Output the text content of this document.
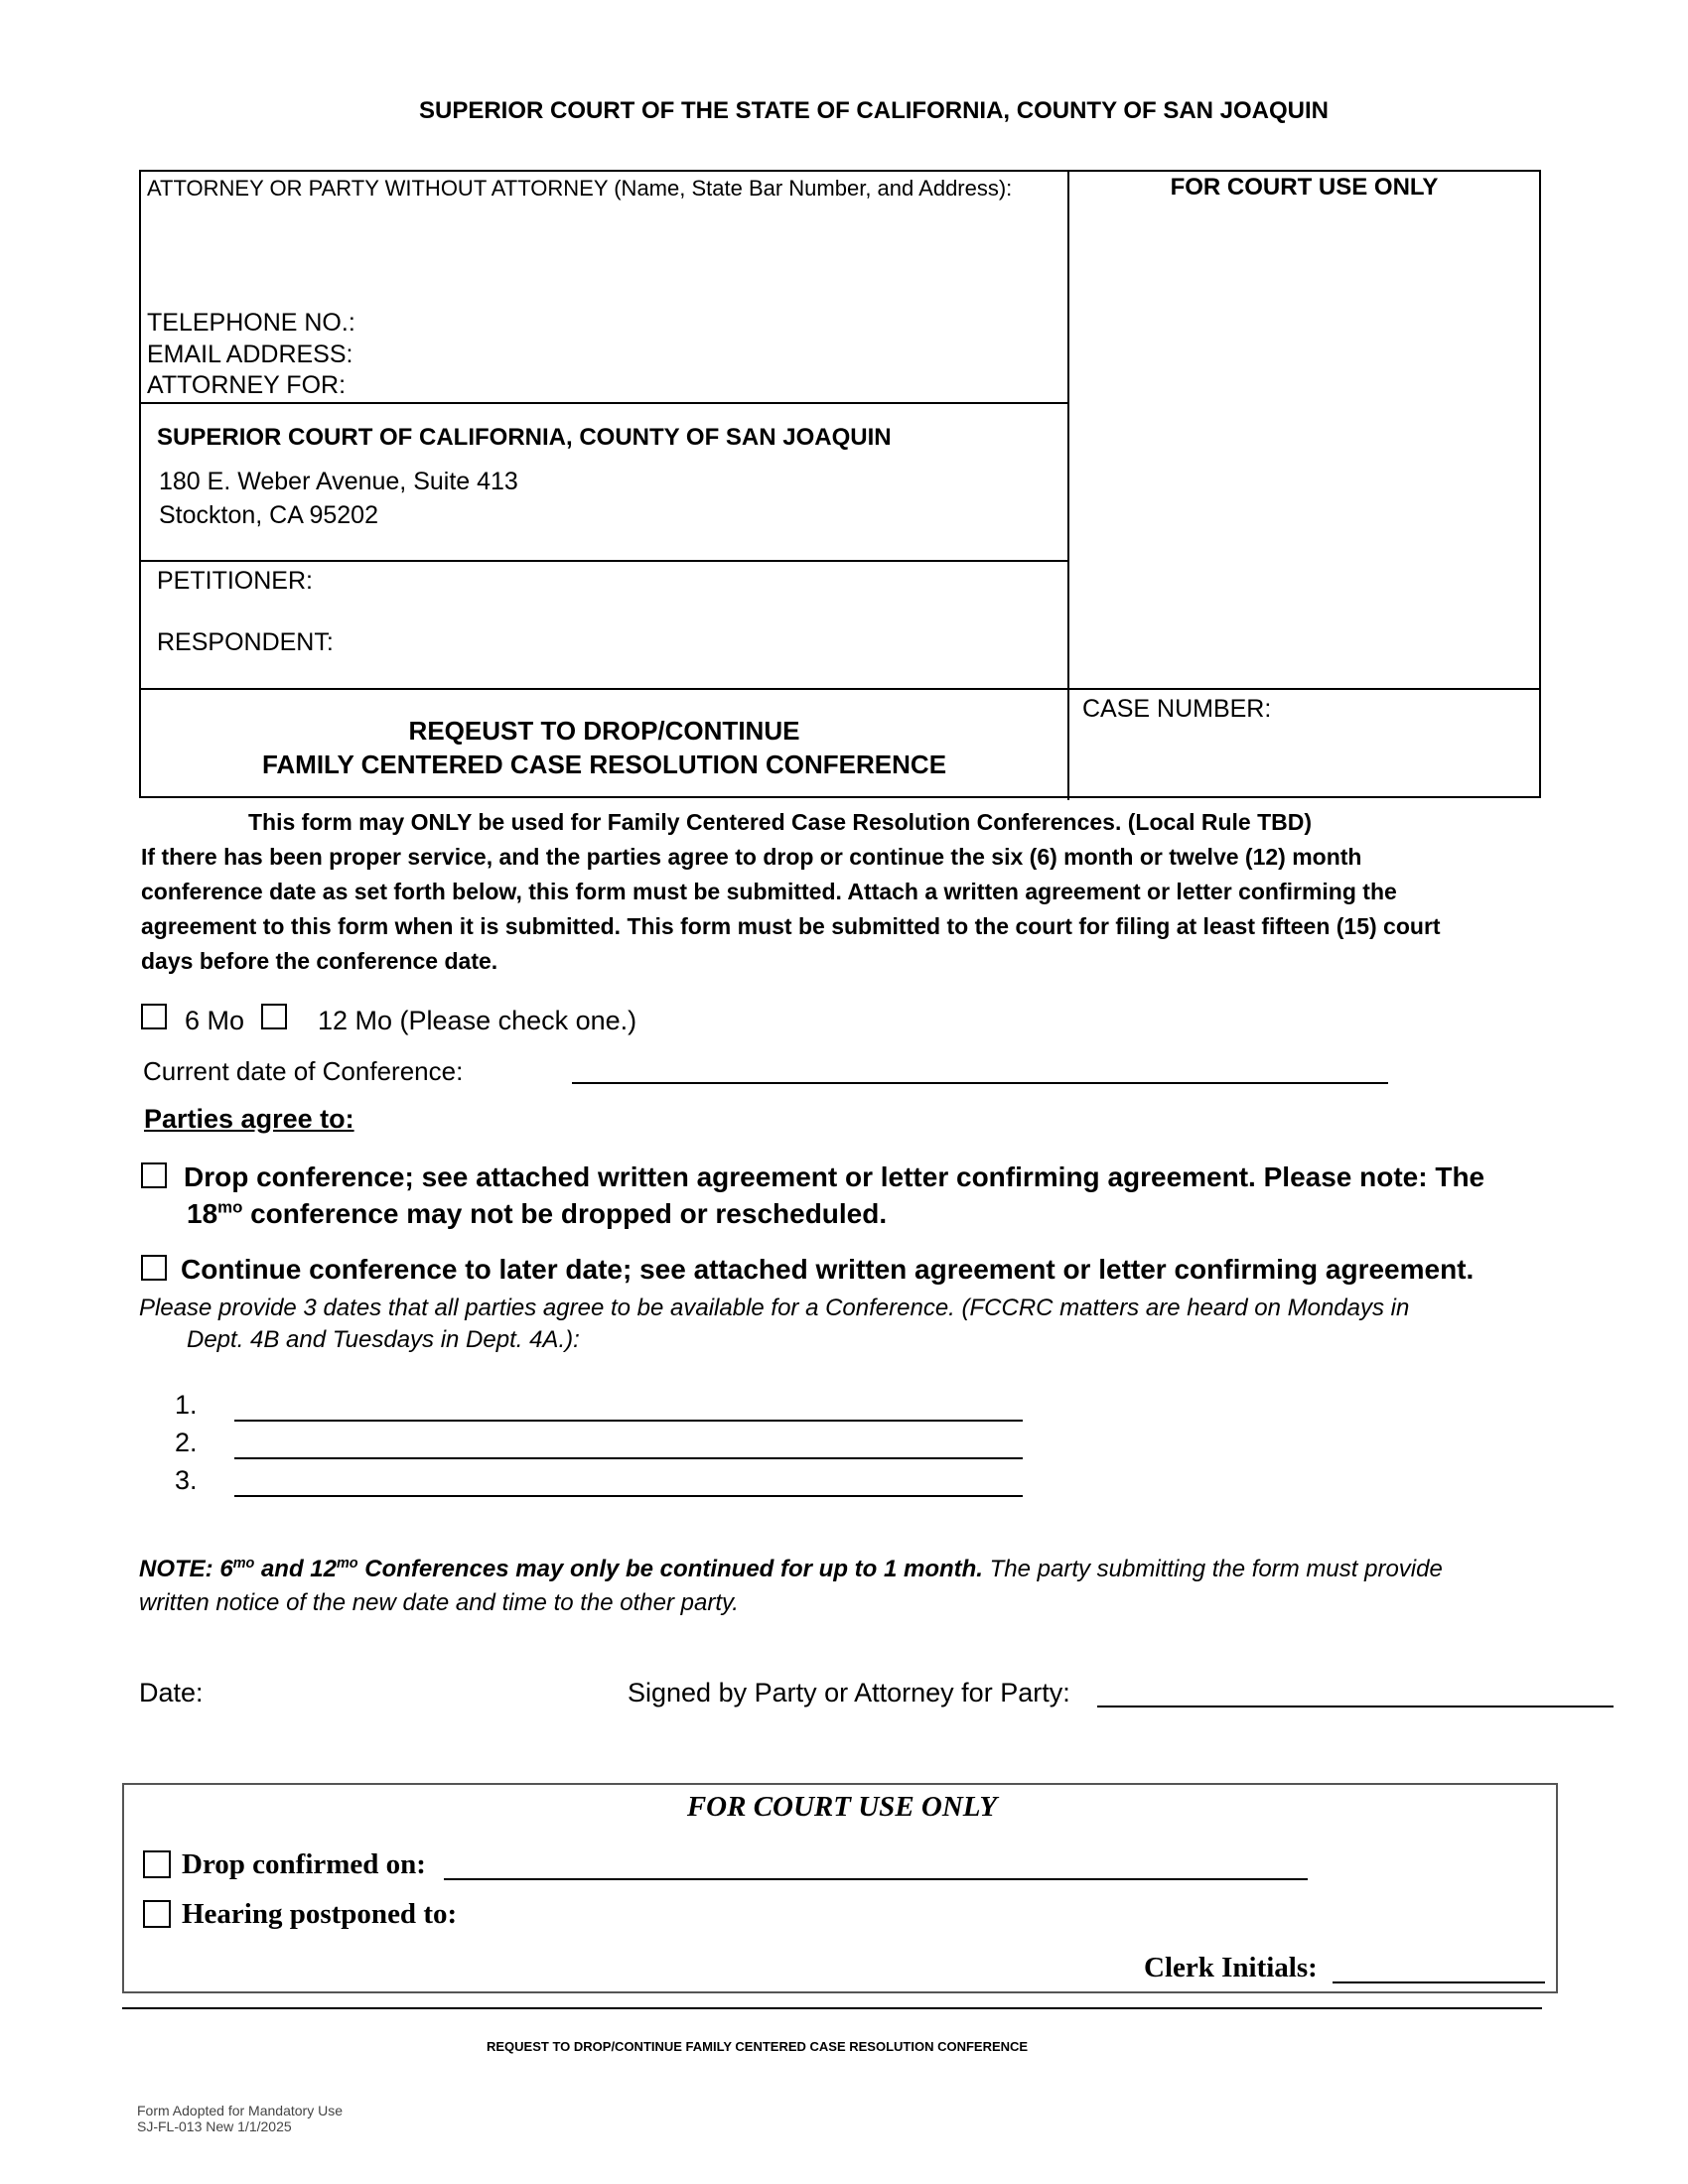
SUPERIOR COURT OF THE STATE OF CALIFORNIA, COUNTY OF SAN JOAQUIN
ATTORNEY OR PARTY WITHOUT ATTORNEY (Name, State Bar Number, and Address):
TELEPHONE NO.:
EMAIL ADDRESS:
ATTORNEY FOR:
FOR COURT USE ONLY
SUPERIOR COURT OF CALIFORNIA, COUNTY OF SAN JOAQUIN
180 E. Weber Avenue, Suite 413
Stockton, CA 95202
PETITIONER:
RESPONDENT:
REQEUST TO DROP/CONTINUE
FAMILY CENTERED CASE RESOLUTION CONFERENCE
CASE NUMBER:
This form may ONLY be used for Family Centered Case Resolution Conferences. (Local Rule TBD)
If there has been proper service, and the parties agree to drop or continue the six (6) month or twelve (12) month
conference date as set forth below, this form must be submitted. Attach a written agreement or letter confirming the
agreement to this form when it is submitted. This form must be submitted to the court for filing at least fifteen (15) court
days before the conference date.
6 Mo	12 Mo (Please check one.)
Current date of Conference:
Parties agree to:
Drop conference; see attached written agreement or letter confirming agreement. Please note: The
$18^{mo}$ conference may not be dropped or rescheduled.
Continue conference to later date; see attached written agreement or letter confirming agreement.
Please provide 3 dates that all parties agree to be available for a Conference. (FCCRC matters are heard on Mondays in
Dept. 4B and Tuesdays in Dept. 4A.):
1.
2.
3.
NOTE: $6^{mo}$ and $12^{mo}$ Conferences may only be continued for up to 1 month. The party submitting the form must provide
written notice of the new date and time to the other party.
Date:	Signed by Party or Attorney for Party:
FOR COURT USE ONLY
Drop confirmed on:
Hearing postponed to:
Clerk Initials:
REQUEST TO DROP/CONTINUE FAMILY CENTERED CASE RESOLUTION CONFERENCE
Form Adopted for Mandatory Use
SJ-FL-013 New 1/1/2025
